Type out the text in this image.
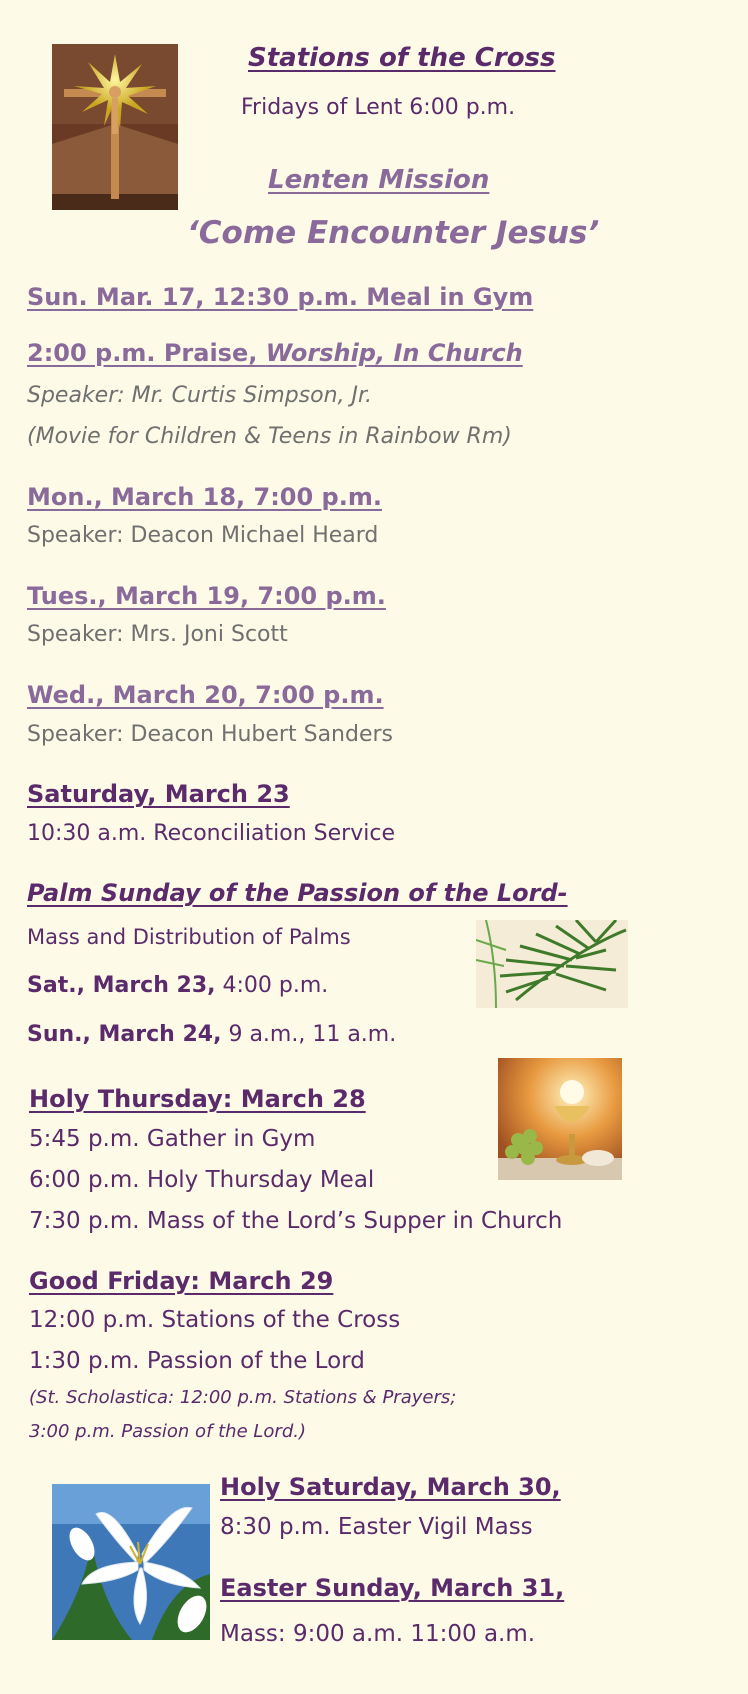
Stations of the Cross
Fridays of Lent 6:00 p.m.
Lenten Mission
‘Come Encounter Jesus’
Sun. Mar. 17, 12:30 p.m. Meal in Gym
2:00 p.m. Praise, Worship, In Church
Speaker: Mr. Curtis Simpson, Jr.
(Movie for Children & Teens in Rainbow Rm)
Mon., March 18, 7:00 p.m.
Speaker: Deacon Michael Heard
Tues., March 19, 7:00 p.m.
Speaker: Mrs. Joni Scott
Wed., March 20, 7:00 p.m.
Speaker: Deacon Hubert Sanders
Saturday, March 23
10:30 a.m. Reconciliation Service
Palm Sunday of the Passion of the Lord-
Mass and Distribution of Palms
Sat., March 23, 4:00 p.m.
Sun., March 24, 9 a.m., 11 a.m.
Holy Thursday: March 28
5:45 p.m. Gather in Gym
6:00 p.m. Holy Thursday Meal
7:30 p.m. Mass of the Lord’s Supper in Church
Good Friday: March 29
12:00 p.m. Stations of the Cross
1:30 p.m. Passion of the Lord
(St. Scholastica: 12:00 p.m. Stations & Prayers;
3:00 p.m. Passion of the Lord.)
Holy Saturday, March 30,
8:30 p.m. Easter Vigil Mass
Easter Sunday, March 31,
Mass: 9:00 a.m. 11:00 a.m.
